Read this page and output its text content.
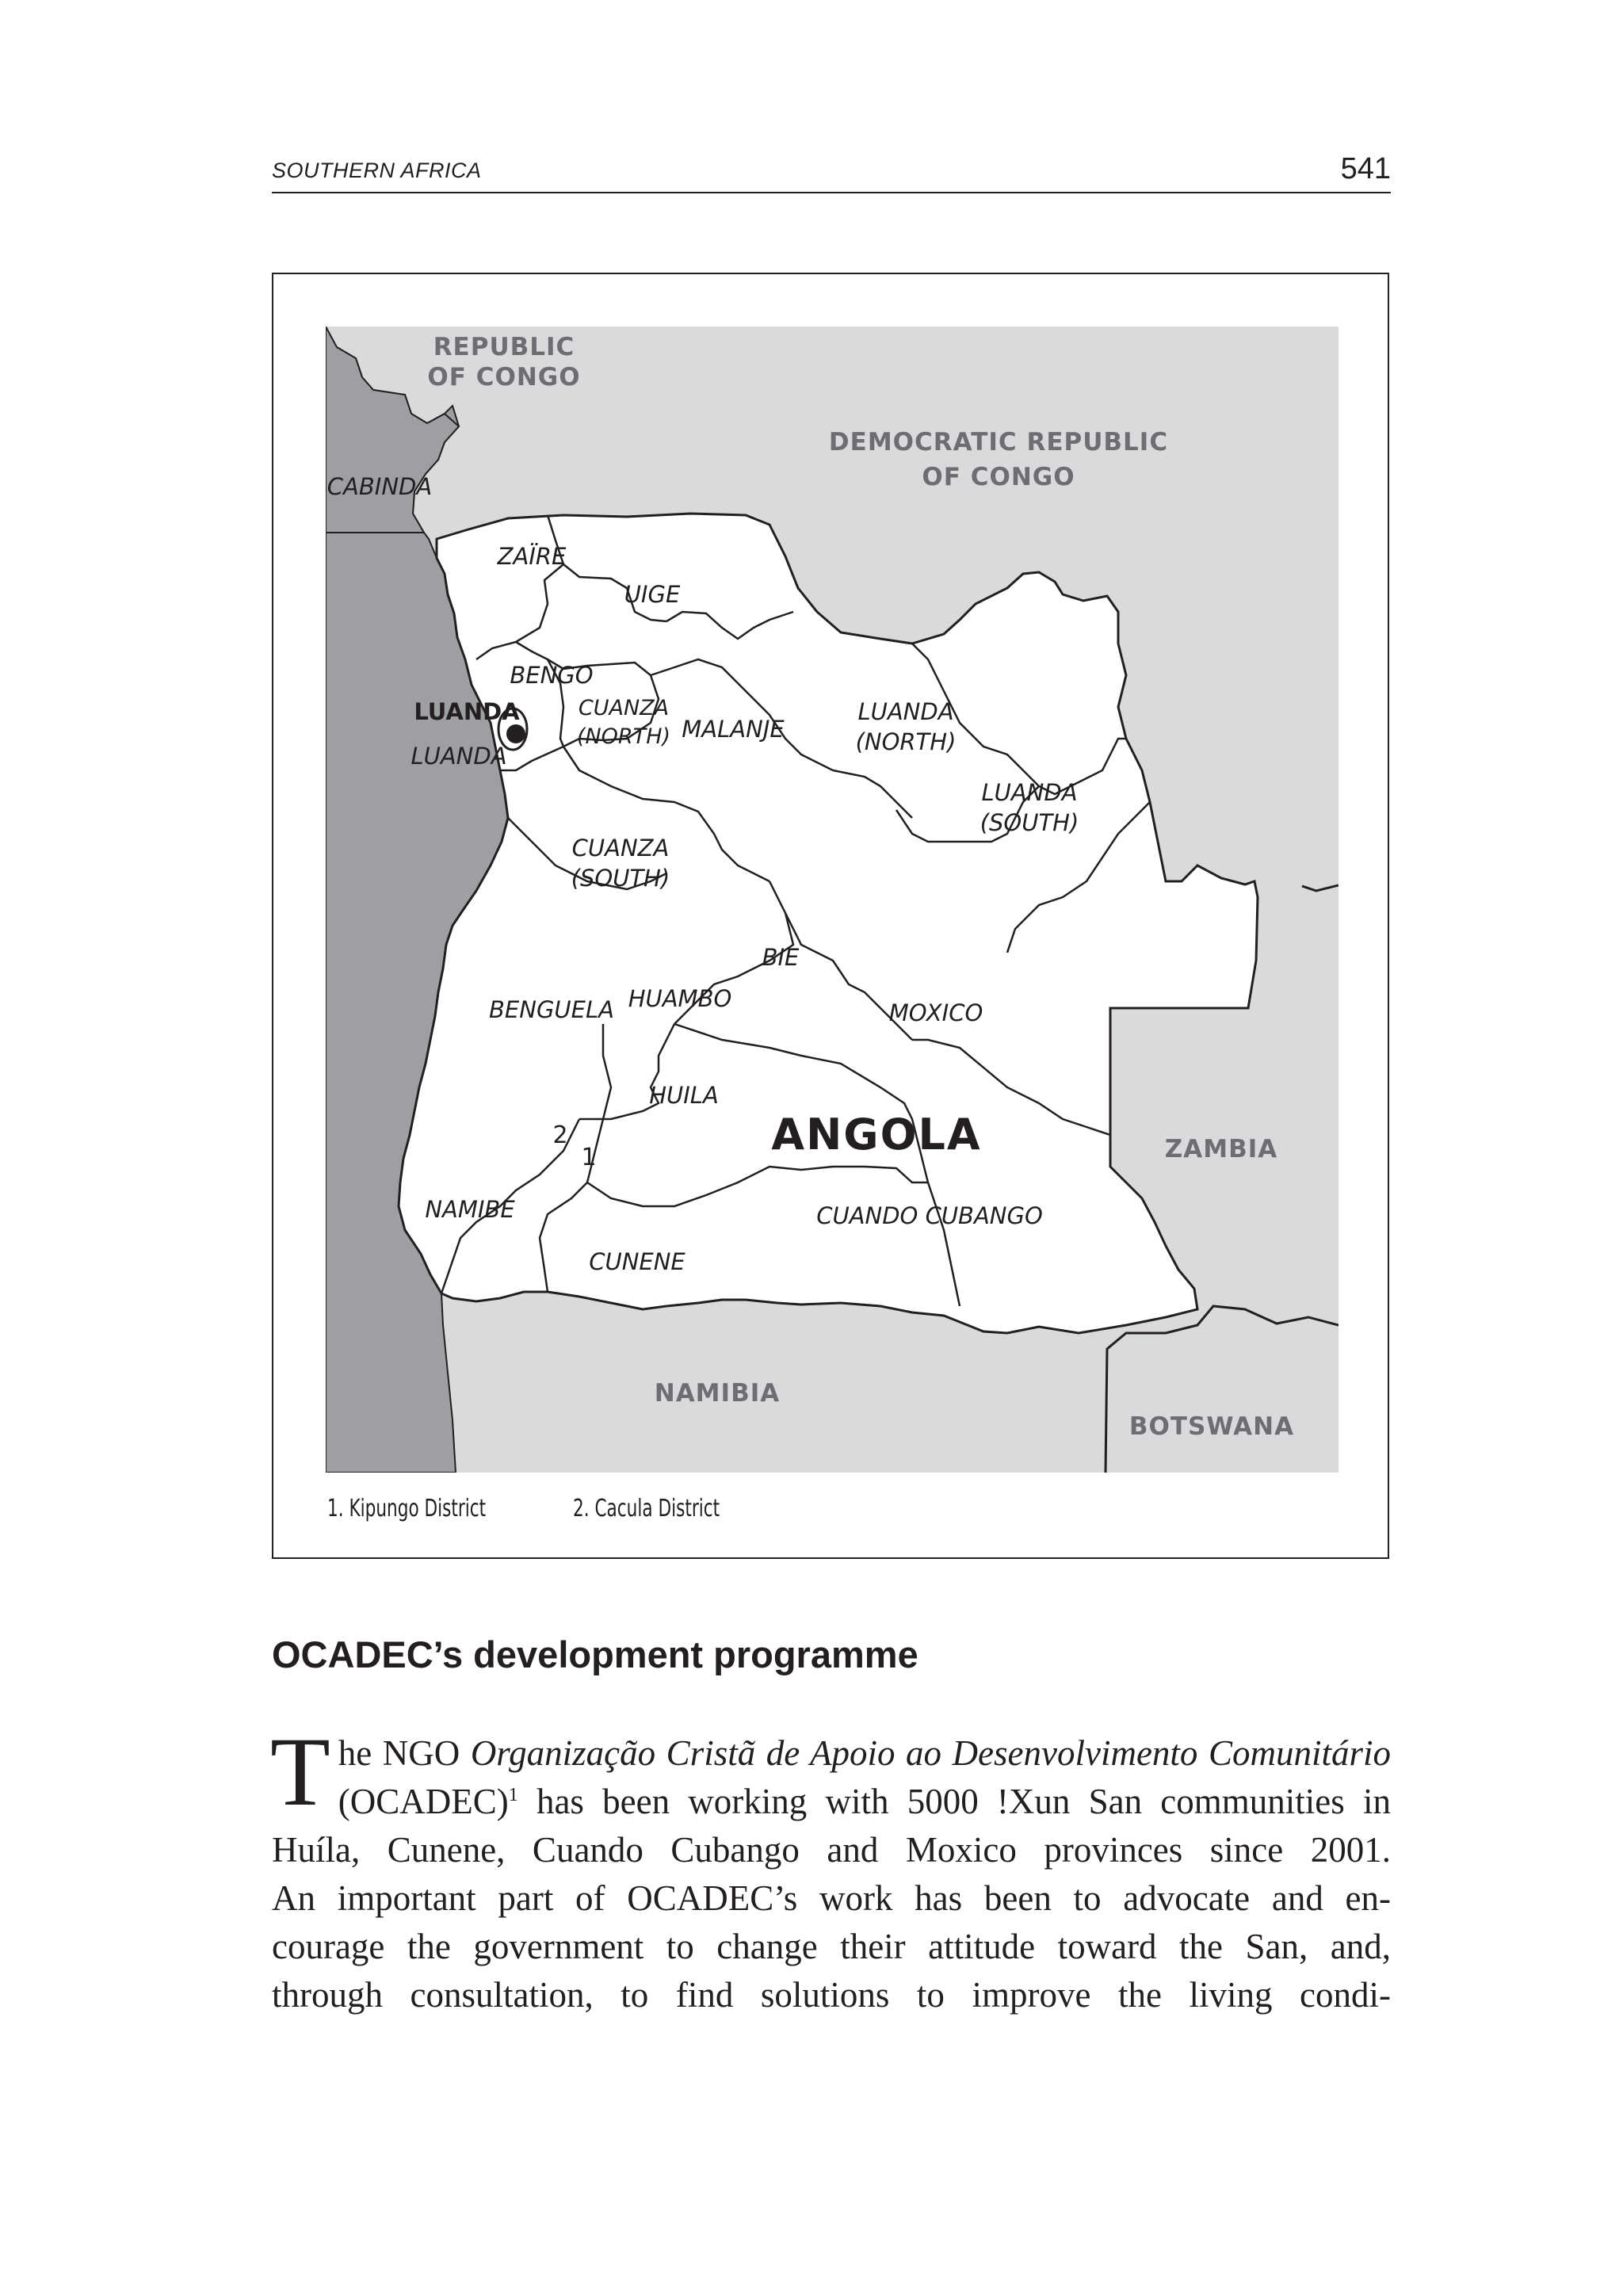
SOUTHERN AFRICA	541
REPUBLIC
OF CONGO
DEMOCRATIC REPUBLIC
OF CONGO
ZAMBIA
NAMIBIA
BOTSWANA
ANGOLA
CABINDA
ZAÏRE
UIGE
BENGO
LUANDA
LUANDA
CUANZA
(NORTH) MALANJE
LUANDA
(NORTH)
LUANDA
(SOUTH)
CUANZA
(SOUTH)
BIE
HUAMBO
BENGUELA	MOXICO
HUILA
NAMIBE
CUNENE
CUANDO CUBANGO
2
1
1. Kipungo District	2. Cacula District
OCADEC’s development programme
T he NGO Organização Cristã de Apoio ao Desenvolvimento Comunitário
(OCADEC)$^1$ has been working with 5000 !Xun San communities in
Huíla, Cunene, Cuando Cubango and Moxico provinces since 2001.
An important part of OCADEC’s work has been to advocate and en-
courage the government to change their attitude toward the San, and,
through consultation, to find solutions to improve the living condi-
